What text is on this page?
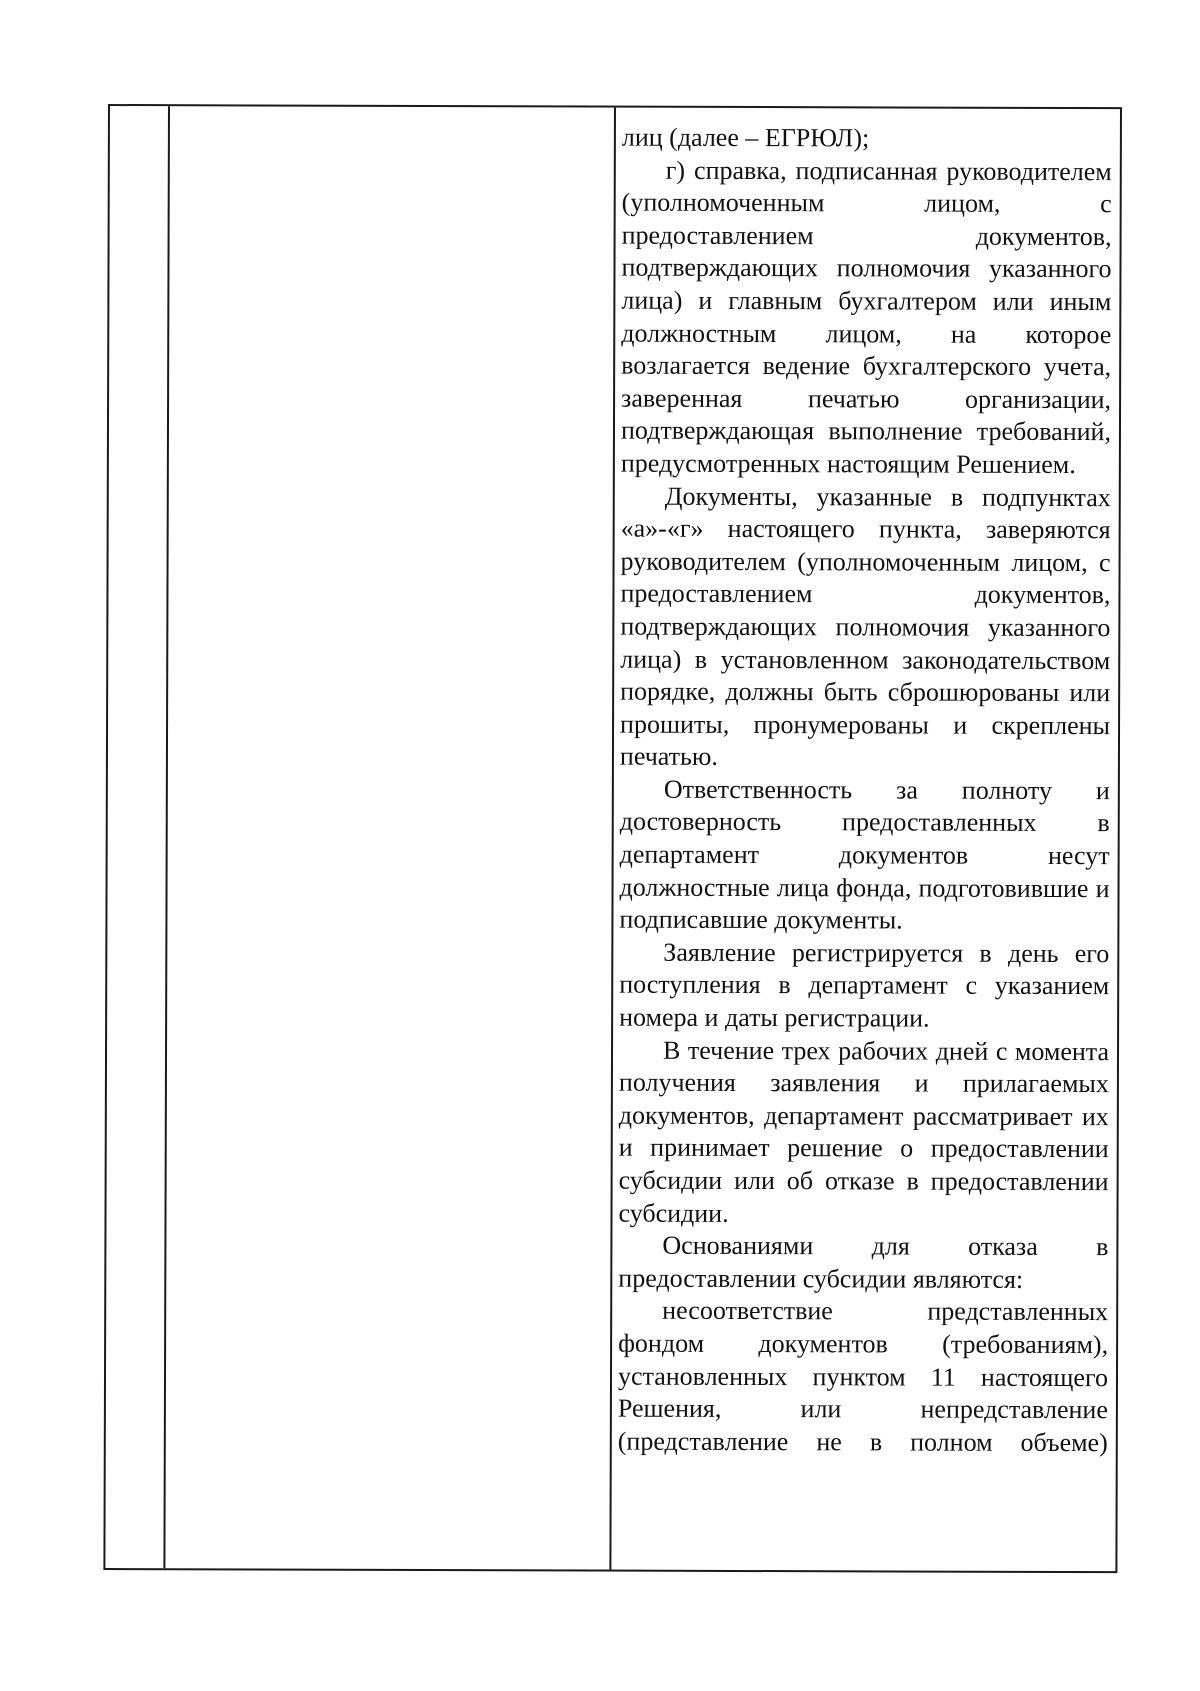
лиц (далее – ЕГРЮЛ);

г) справка, подписанная руководителем (уполномоченным лицом, с предоставлением документов, подтверждающих полномочия указанного лица) и главным бухгалтером или иным должностным лицом, на которое возлагается ведение бухгалтерского учета, заверенная печатью организации, подтверждающая выполнение требований, предусмотренных настоящим Решением.

Документы, указанные в подпунктах «а»-«г» настоящего пункта, заверяются руководителем (уполномоченным лицом, с предоставлением документов, подтверждающих полномочия указанного лица) в установленном законодательством порядке, должны быть сброшюрованы или прошиты, пронумерованы и скреплены печатью.

Ответственность за полноту и достоверность предоставленных в департамент документов несут должностные лица фонда, подготовившие и подписавшие документы.

Заявление регистрируется в день его поступления в департамент с указанием номера и даты регистрации.

В течение трех рабочих дней с момента получения заявления и прилагаемых документов, департамент рассматривает их и принимает решение о предоставлении субсидии или об отказе в предоставлении субсидии.

Основаниями для отказа в предоставлении субсидии являются:

несоответствие представленных фондом документов (требованиям), установленных пунктом 11 настоящего Решения, или непредставление (представление не в полном объеме)
